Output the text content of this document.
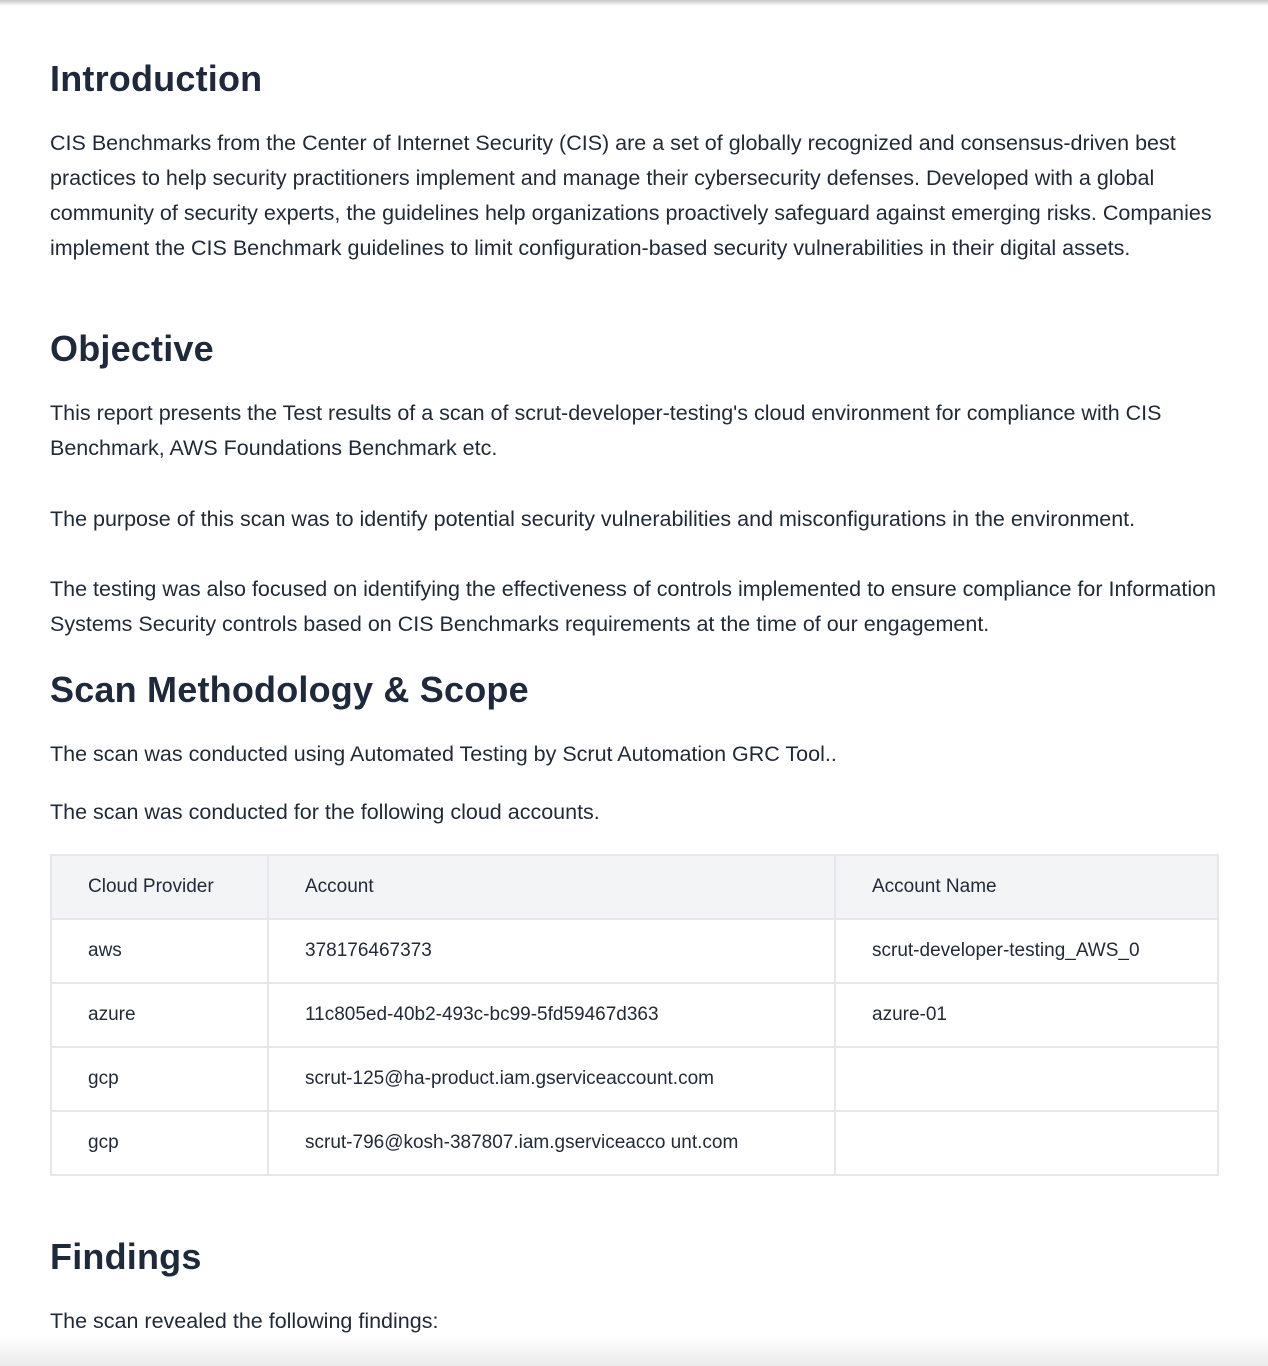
Introduction

CIS Benchmarks from the Center of Internet Security (CIS) are a set of globally recognized and consensus-driven best practices to help security practitioners implement and manage their cybersecurity defenses. Developed with a global community of security experts, the guidelines help organizations proactively safeguard against emerging risks. Companies implement the CIS Benchmark guidelines to limit configuration-based security vulnerabilities in their digital assets.

Objective

This report presents the Test results of a scan of scrut-developer-testing's cloud environment for compliance with CIS Benchmark, AWS Foundations Benchmark etc.

The purpose of this scan was to identify potential security vulnerabilities and misconfigurations in the environment.

The testing was also focused on identifying the effectiveness of controls implemented to ensure compliance for Information Systems Security controls based on CIS Benchmarks requirements at the time of our engagement.

Scan Methodology & Scope

The scan was conducted using Automated Testing by Scrut Automation GRC Tool..

The scan was conducted for the following cloud accounts.

Cloud Provider	Account	Account Name
aws	378176467373	scrut-developer-testing_AWS_0
azure	11c805ed-40b2-493c-bc99-5fd59467d363	azure-01
gcp	scrut-125@ha-product.iam.gserviceaccount.com	
gcp	scrut-796@kosh-387807.iam.gserviceacco unt.com	
Findings

The scan revealed the following findings:
